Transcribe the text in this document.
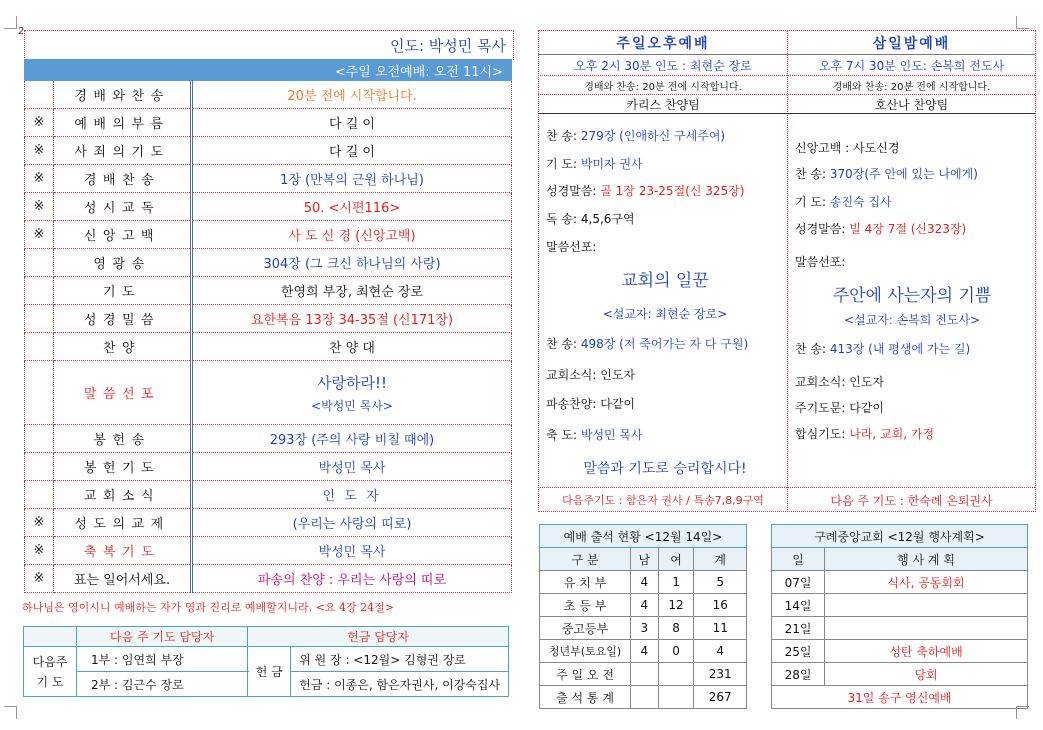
2
인도: 박성민 목사
<주일 오전예배: 오전 11시>		
	경배와찬송	20분 전에 시작합니다.
※	예배의부름	다 길 이
※	사죄의기도	다 길 이
※	경배찬송	1장 (만복의 근원 하나님)
※	성시교독	50. <시편116>
※	신앙고백	사 도 신 경 (신앙고백)
	영광송	304장 (그 크신 하나님의 사랑)
	기도	한영희 부장, 최현순 장로
	성경밀씀	요한복음 13장 34-35절 (신171장)
	찬양	찬 양 대
	말씀선포	사랑하라!!
<박성민 목사>

	봉헌송	293장 (주의 사랑 비칠 때에)
	봉헌기도	박성민 목사
	교회소식	인 도 자
※	성도의교제	(우리는 사랑의 띠로)
※	축복기도	박성민 목사
※	표는 일어서세요.	파송의 찬양 : 우리는 사랑의 띠로
하나님은 영이시니 예배하는 자가 영과 진리로 예배할지니라. <요 4장 24절>
	다음 주 기도 담당자	헌금 담당자	
다음주
기 도	1부 : 임연희 부장	헌 금	위 원 장 : <12월> 김형권 장로
	2부 : 김근수 장로		헌금 : 이종은, 함은자권사, 이강숙집사
주일오후예배
오후 2시 30분 인도 : 최현순 장로
경배와 찬송: 20분 전에 시작합니다.
카리스 찬양팀
삼일밤예배
오후 7시 30분 인도: 손복희 전도사
경배와 찬송: 20분 전에 시작합니다.
호산나 찬양팀
찬 송: 279장 (인애하신 구세주여)
기 도: 박미자 권사
성경말씀: 골 1장 23-25절(신 325장)
독 송: 4,5,6구역
말씀선포:
교회의 일꾼
<설교자: 최현순 장로>
찬 송: 498장 (저 죽어가는 자 다 구원)
교회소식: 인도자
파송찬양: 다같이
축 도: 박성민 목사
말씀과 기도로 승리합시다!
다음주기도 : 함은자 권사 / 특송7,8,9구역
신앙고백 : 사도신경
찬 송: 370장(주 안에 있는 나에게)
기 도: 송진숙 집사
성경말씀: 빌 4장 7절 (신323장)
말씀선포:
주안에 사는자의 기쁨
<설교자: 손복희 전도사>
찬 송: 413장 (내 평생에 가는 길)
교회소식: 인도자
주기도문: 다같이
합심기도: 나라, 교회, 가정
다음 주 기도 : 한숙례 온퇴권사
예배 출석 현황 <12월 14일>			
구 분	남	여	계
유 치 부	4	1	5
초 등 부	4	12	16
중고등부	3	8	11
청년부(토요일)	4	0	4
주 일 오 전			231
출 석 통 계			267
구례중앙교회 <12월 행사계획>	
일	행 사 계 획
07일	식사, 공동회회
14일	
21일	
25일	성탄 축하예배
28일	당회
31일 송구 영신예배	
